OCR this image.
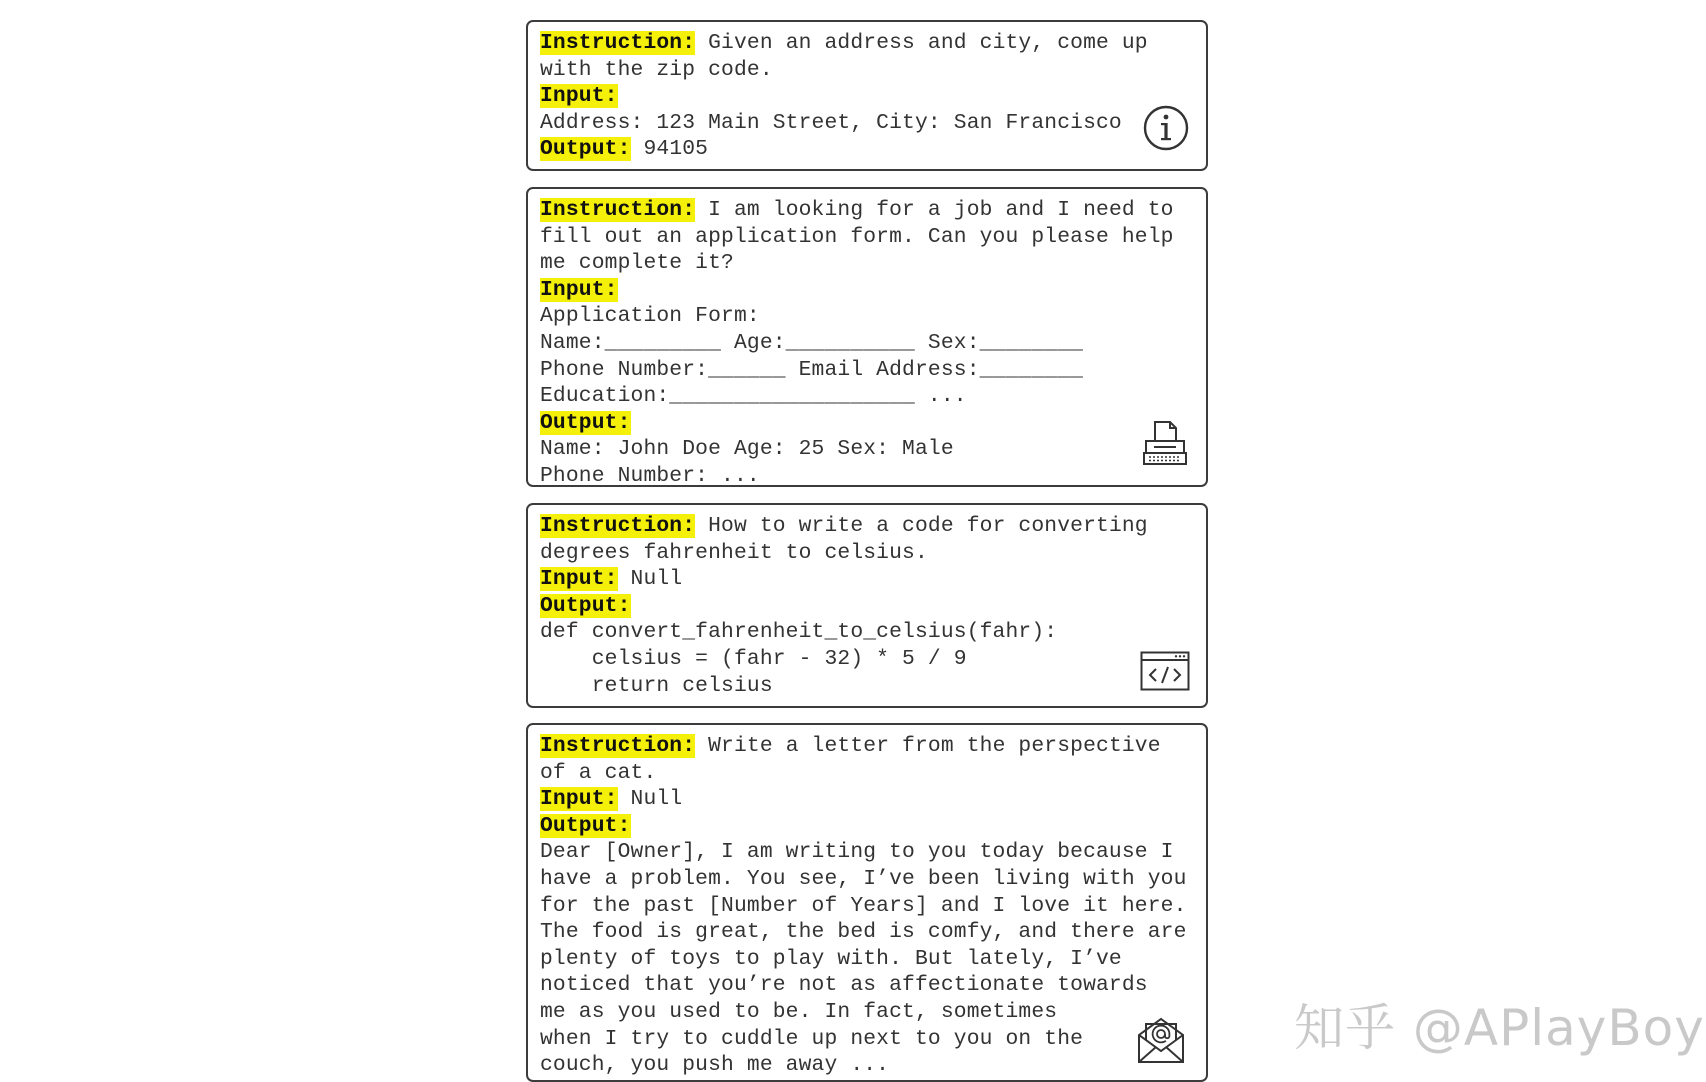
Instruction: Given an address and city, come up
with the zip code.
Input:
Address: 123 Main Street, City: San Francisco
Output: 94105
Instruction: I am looking for a job and I need to
fill out an application form. Can you please help
me complete it?
Input:
Application Form:
Name:_________ Age:__________ Sex:________
Phone Number:______ Email Address:________
Education:___________________ ...
Output:
Name: John Doe Age: 25 Sex: Male
Phone Number: ...
Instruction: How to write a code for converting
degrees fahrenheit to celsius.
Input: Null
Output:
def convert_fahrenheit_to_celsius(fahr):
celsius = (fahr - 32) * 5 / 9
return celsius
Instruction: Write a letter from the perspective
of a cat.
Input: Null
Output:
Dear [Owner], I am writing to you today because I
have a problem. You see, I’ve been living with you
for the past [Number of Years] and I love it here.
The food is great, the bed is comfy, and there are
plenty of toys to play with. But lately, I’ve
noticed that you’re not as affectionate towards
me as you used to be. In fact, sometimes
when I try to cuddle up next to you on the
couch, you push me away ...
知乎 @APlayBoy
